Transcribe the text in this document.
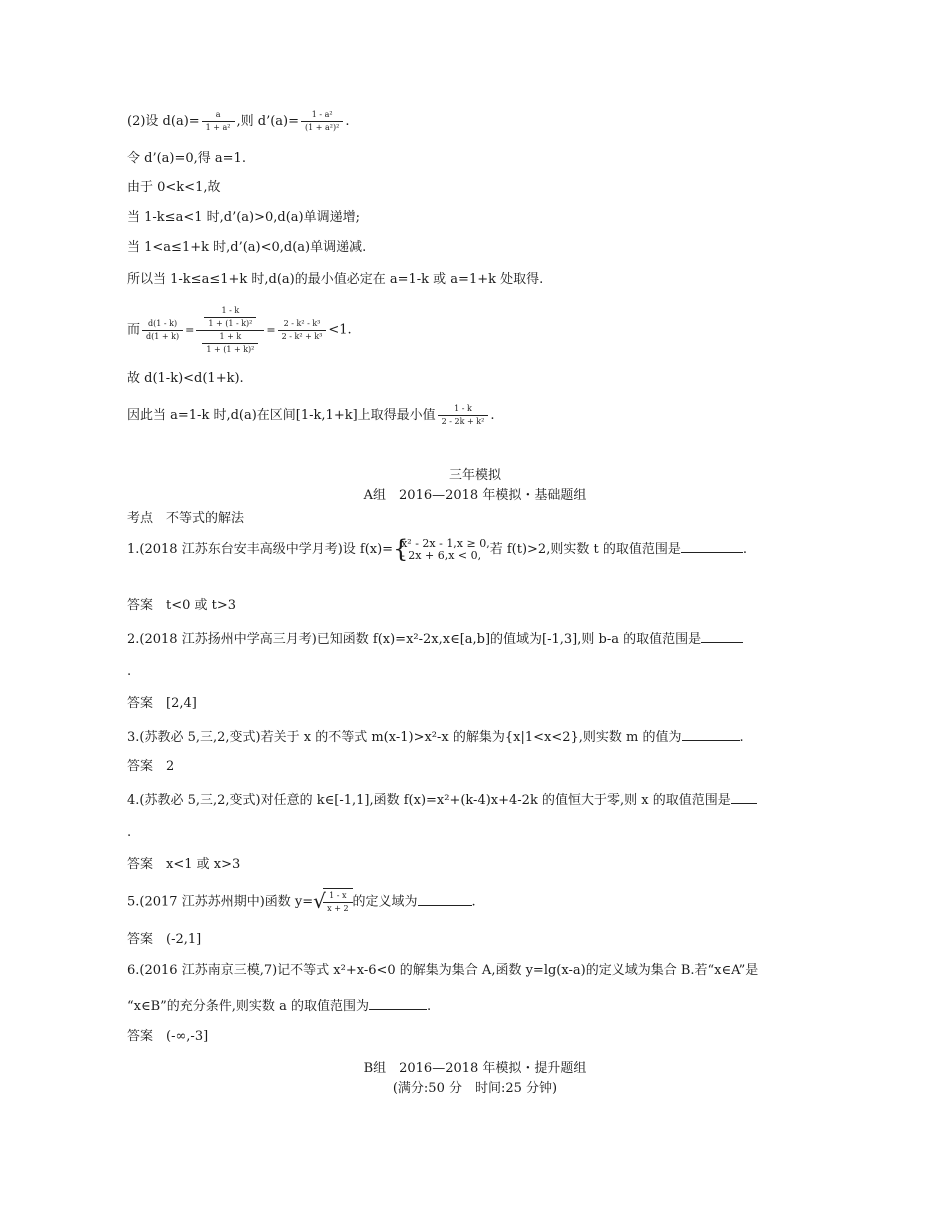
(2)设 $d(a)= \frac{a}{\text{1 + a²}}$ ,则 d’(a)= $\frac{\text{1 - a²}}{\text{(1 + a²)²}}$ .
令 d’(a)=0,得 a=1.
由于 0<k<1,故
当 1-k≤a<1 时,d’(a)>0,d(a)单调递增;
当 1<a≤1+k 时,d’(a)<0,d(a)单调递减.
所以当 1-k≤a≤1+k 时,d(a)的最小值必定在 a=1-k 或 a=1+k 处取得.
而 $\frac{d(1 - k)}{d(1 + k)} = \frac{\frac{1 - k}{\text{1 + (1 - k)²}}}{\frac{1 + k}{\text{1 + (1 + k)²}}} = \frac{\text{2 - k² - k³}}{\text{2 - k² + k³}} <1$.
故 d(1-k)<d(1+k).
因此当 a=1-k 时,d(a)在区间[1-k,1+k]上取得最小值 $\frac{1 - k}{\text{2 - 2k + k²}}$ .
三年模拟
A组　2016—2018 年模拟・基础题组
考点　不等式的解法
1.(2018 江苏东台安丰高级中学月考)设 f(x)= {
x² - 2x - 1,x ≥ 0,
- 2x + 6,x < 0, 若 f(t)>2,则实数 t 的取值范围是	.
答案　t<0 或 t>3
2.(2018 江苏扬州中学高三月考)已知函数 f(x)=x²-2x,x∈[a,b]的值域为[-1,3],则 b-a 的取值范围是
.
答案　[2,4]
3.(苏教必 5,三,2,变式)若关于 x 的不等式 m(x-1)>x²-x 的解集为{x|1<x<2},则实数 m 的值为	.
答案　2
4.(苏教必 5,三,2,变式)对任意的 k∈[-1,1],函数 f(x)=x²+(k-4)x+4-2k 的值恒大于零,则 x 的取值范围是
.
答案　x<1 或 x>3
5.(2017 江苏苏州期中)函数 y= √
$\frac{1 - x}{x + 2}$ 的定义域为	.
答案　(-2,1]
6.(2016 江苏南京三模,7)记不等式 x²+x-6<0 的解集为集合 A,函数 y=lg(x-a)的定义域为集合 B.若“x∈A”是
“x∈B”的充分条件,则实数 a 的取值范围为	.
答案　(-∞,-3]
B组　2016—2018 年模拟・提升题组
(满分:50 分　时间:25 分钟)
